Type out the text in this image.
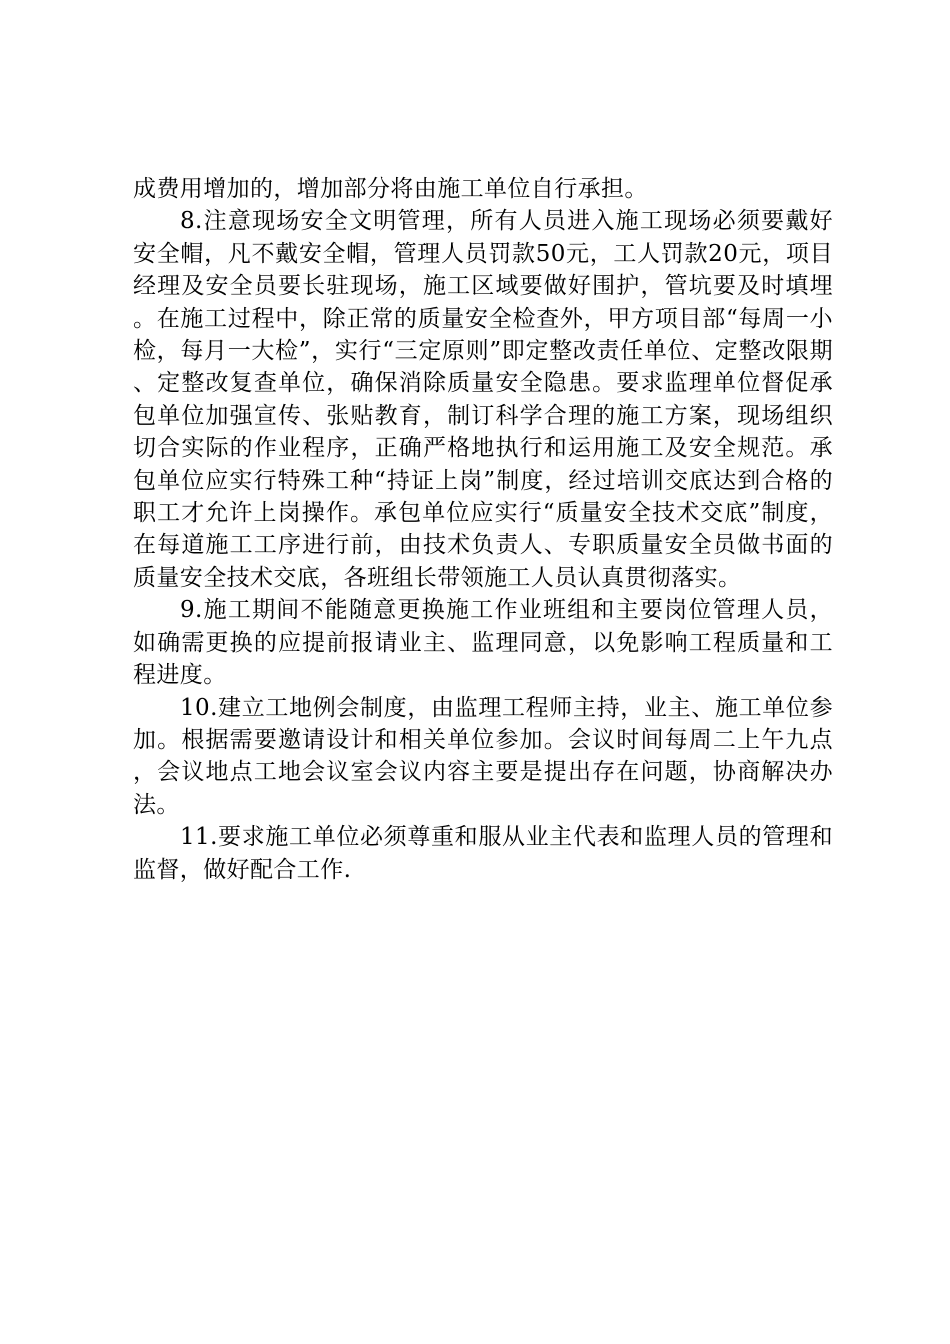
成费用增加的，增加部分将由施工单位自行承担。

8.注意现场安全文明管理，所有人员进入施工现场必须要戴好安全帽，凡不戴安全帽，管理人员罚款50元，工人罚款20元，项目经理及安全员要长驻现场，施工区域要做好围护，管坑要及时填埋。在施工过程中，除正常的质量安全检查外，甲方项目部“每周一小检，每月一大检”，实行“三定原则”即定整改责任单位、定整改限期、定整改复查单位，确保消除质量安全隐患。要求监理单位督促承包单位加强宣传、张贴教育，制订科学合理的施工方案，现场组织切合实际的作业程序，正确严格地执行和运用施工及安全规范。承包单位应实行特殊工种“持证上岗”制度，经过培训交底达到合格的职工才允许上岗操作。承包单位应实行“质量安全技术交底”制度，在每道施工工序进行前，由技术负责人、专职质量安全员做书面的质量安全技术交底，各班组长带领施工人员认真贯彻落实。

9.施工期间不能随意更换施工作业班组和主要岗位管理人员，如确需更换的应提前报请业主、监理同意，以免影响工程质量和工程进度。

10.建立工地例会制度，由监理工程师主持，业主、施工单位参加。根据需要邀请设计和相关单位参加。会议时间每周二上午九点，会议地点工地会议室会议内容主要是提出存在问题，协商解决办法。

11.要求施工单位必须尊重和服从业主代表和监理人员的管理和监督，做好配合工作.
